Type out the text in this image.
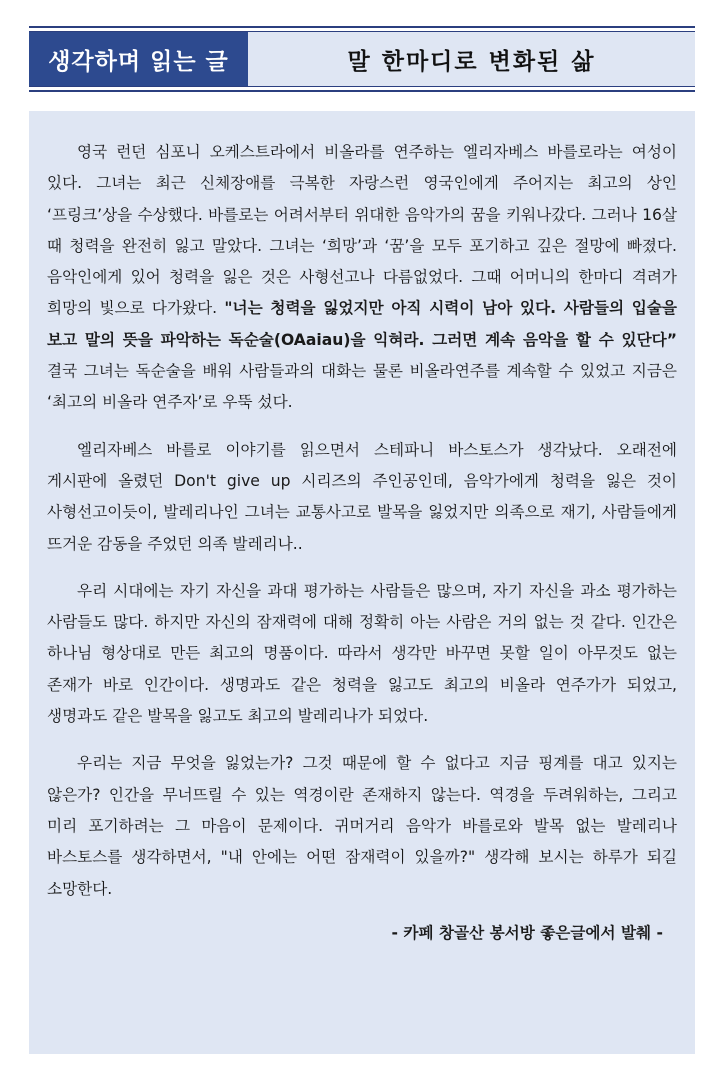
생각하며 읽는 글	말 한마디로 변화된 삶

영국 런던 심포니 오케스트라에서 비올라를 연주하는 엘리자베스 바를로라는 여성이 있다. 그녀는 최근 신체장애를 극복한 자랑스런 영국인에게 주어지는 최고의 상인 ‘프링크’상을 수상했다. 바를로는 어려서부터 위대한 음악가의 꿈을 키워나갔다. 그러나 16살 때 청력을 완전히 잃고 말았다. 그녀는 ‘희망’과 ‘꿈’을 모두 포기하고 깊은 절망에 빠졌다. 음악인에게 있어 청력을 잃은 것은 사형선고나 다름없었다. 그때 어머니의 한마디 격려가 희망의 빛으로 다가왔다. "너는 청력을 잃었지만 아직 시력이 남아 있다. 사람들의 입술을 보고 말의 뜻을 파악하는 독순술(OAaiau)을 익혀라. 그러면 계속 음악을 할 수 있단다” 결국 그녀는 독순술을 배워 사람들과의 대화는 물론 비올라연주를 계속할 수 있었고 지금은 ‘최고의 비올라 연주자’로 우뚝 섰다.

엘리자베스 바를로 이야기를 읽으면서 스테파니 바스토스가 생각났다. 오래전에 게시판에 올렸던 Don't give up 시리즈의 주인공인데, 음악가에게 청력을 잃은 것이 사형선고이듯이, 발레리나인 그녀는 교통사고로 발목을 잃었지만 의족으로 재기, 사람들에게 뜨거운 감동을 주었던 의족 발레리나..

우리 시대에는 자기 자신을 과대 평가하는 사람들은 많으며, 자기 자신을 과소 평가하는 사람들도 많다. 하지만 자신의 잠재력에 대해 정확히 아는 사람은 거의 없는 것 같다. 인간은 하나님 형상대로 만든 최고의 명품이다. 따라서 생각만 바꾸면 못할 일이 아무것도 없는 존재가 바로 인간이다. 생명과도 같은 청력을 잃고도 최고의 비올라 연주가가 되었고, 생명과도 같은 발목을 잃고도 최고의 발레리나가 되었다.

우리는 지금 무엇을 잃었는가? 그것 때문에 할 수 없다고 지금 핑계를 대고 있지는 않은가? 인간을 무너뜨릴 수 있는 역경이란 존재하지 않는다. 역경을 두려워하는, 그리고 미리 포기하려는 그 마음이 문제이다. 귀머거리 음악가 바를로와 발목 없는 발레리나 바스토스를 생각하면서, "내 안에는 어떤 잠재력이 있을까?" 생각해 보시는 하루가 되길 소망한다.

- 카페 창골산 봉서방 좋은글에서 발췌 -
